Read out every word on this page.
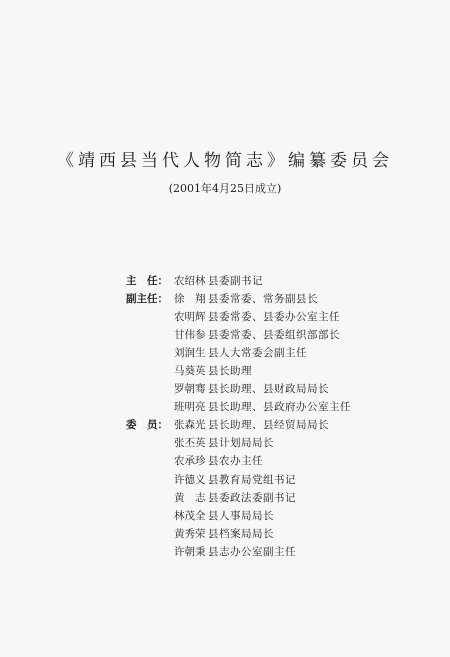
《靖西县当代人物简志》编纂委员会
(2001年4月25日成立)
主　任： 农绍林 县委副书记
副主任： 徐　翔 县委常委、常务副县长
农明辉 县委常委、县委办公室主任
甘伟参 县委常委、县委组织部部长
刘润生 县人大常委会副主任
马葵英 县长助理
罗朝骞 县长助理、县财政局局长
班明亮 县长助理、县政府办公室主任
委　员： 张森光 县长助理、县经贸局局长
张丕英 县计划局局长
农承珍 县农办主任
许德义 县教育局党组书记
黄　志 县委政法委副书记
林茂全 县人事局局长
黄秀荣 县档案局局长
许朝秉 县志办公室副主任
